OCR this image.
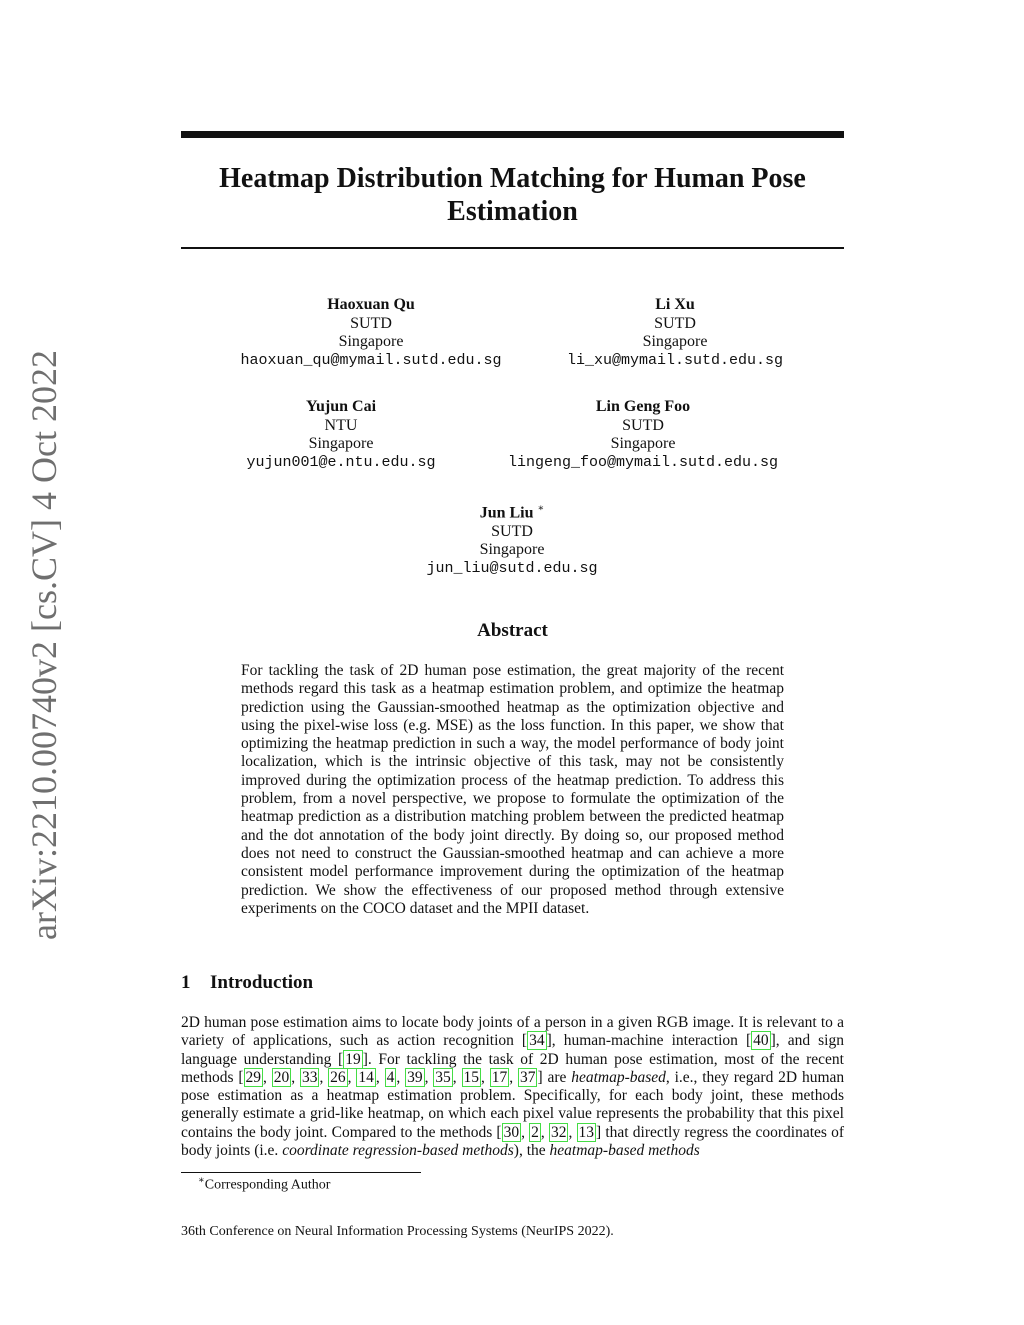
arXiv:2210.00740v2 [cs.CV] 4 Oct 2022
Heatmap Distribution Matching for Human Pose
Estimation
Haoxuan Qu
SUTD
Singapore
haoxuan_qu@mymail.sutd.edu.sg
Li Xu
SUTD
Singapore
li_xu@mymail.sutd.edu.sg
Yujun Cai
NTU
Singapore
yujun001@e.ntu.edu.sg
Lin Geng Foo
SUTD
Singapore
lingeng_foo@mymail.sutd.edu.sg
Jun Liu ∗
SUTD
Singapore
jun_liu@sutd.edu.sg
Abstract
For tackling the task of 2D human pose estimation, the great majority of the recent methods regard this task as a heatmap estimation problem, and optimize the heatmap prediction using the Gaussian-smoothed heatmap as the optimization objective and using the pixel-wise loss (e.g. MSE) as the loss function. In this paper, we show that optimizing the heatmap prediction in such a way, the model performance of body joint localization, which is the intrinsic objective of this task, may not be consistently improved during the optimization process of the heatmap prediction. To address this problem, from a novel perspective, we propose to formulate the optimization of the heatmap prediction as a distribution matching problem between the predicted heatmap and the dot annotation of the body joint directly. By doing so, our proposed method does not need to construct the Gaussian-smoothed heatmap and can achieve a more consistent model performance improvement during the optimization of the heatmap prediction. We show the effectiveness of our proposed method through extensive experiments on the COCO dataset and the MPII dataset.
1 Introduction
2D human pose estimation aims to locate body joints of a person in a given RGB image. It is relevant to a variety of applications, such as action recognition [ 34 ], human-machine interaction [ 40 ], and sign language understanding [ 19 ]. For tackling the task of 2D human pose estimation, most of the recent methods [ 29 , 20 , 33 , 26 , 14 , 4 , 39 , 35 , 15 , 17 , 37 ] are heatmap-based, i.e., they regard 2D human pose estimation as a heatmap estimation problem. Specifically, for each body joint, these methods generally estimate a grid-like heatmap, on which each pixel value represents the probability that this pixel contains the body joint. Compared to the methods [ 30 , 2 , 32 , 13 ] that directly regress the coordinates of body joints (i.e. coordinate regression-based methods), the heatmap-based methods
∗Corresponding Author
36th Conference on Neural Information Processing Systems (NeurIPS 2022).
